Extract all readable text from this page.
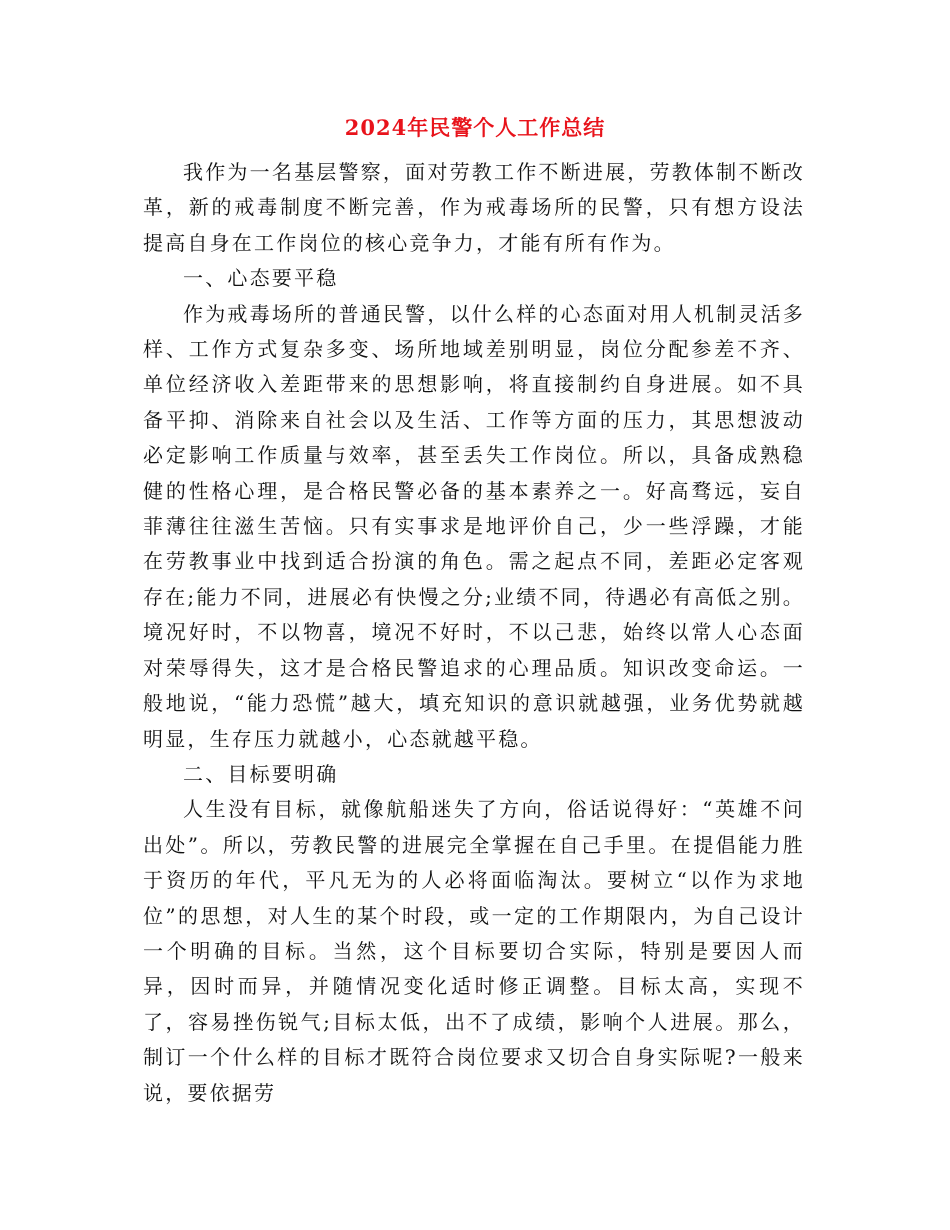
2024年民警个人工作总结

我作为一名基层警察，面对劳教工作不断进展，劳教体制不断改革，新的戒毒制度不断完善，作为戒毒场所的民警，只有想方设法提高自身在工作岗位的核心竞争力，才能有所有作为。

一、心态要平稳

作为戒毒场所的普通民警，以什么样的心态面对用人机制灵活多样、工作方式复杂多变、场所地域差别明显，岗位分配参差不齐、单位经济收入差距带来的思想影响，将直接制约自身进展。如不具备平抑、消除来自社会以及生活、工作等方面的压力，其思想波动必定影响工作质量与效率，甚至丢失工作岗位。所以，具备成熟稳健的性格心理，是合格民警必备的基本素养之一。好高骛远，妄自菲薄往往滋生苦恼。只有实事求是地评价自己，少一些浮躁，才能在劳教事业中找到适合扮演的角色。需之起点不同，差距必定客观存在;能力不同，进展必有快慢之分;业绩不同，待遇必有高低之别。境况好时，不以物喜，境况不好时，不以己悲，始终以常人心态面对荣辱得失，这才是合格民警追求的心理品质。知识改变命运。一般地说，“能力恐慌”越大，填充知识的意识就越强，业务优势就越明显，生存压力就越小，心态就越平稳。

二、目标要明确

人生没有目标，就像航船迷失了方向，俗话说得好：“英雄不问出处”。所以，劳教民警的进展完全掌握在自己手里。在提倡能力胜于资历的年代，平凡无为的人必将面临淘汰。要树立“以作为求地位”的思想，对人生的某个时段，或一定的工作期限内，为自己设计一个明确的目标。当然，这个目标要切合实际，特别是要因人而异，因时而异，并随情况变化适时修正调整。目标太高，实现不了，容易挫伤锐气;目标太低，出不了成绩，影响个人进展。那么，制订一个什么样的目标才既符合岗位要求又切合自身实际呢?一般来说，要依据劳
